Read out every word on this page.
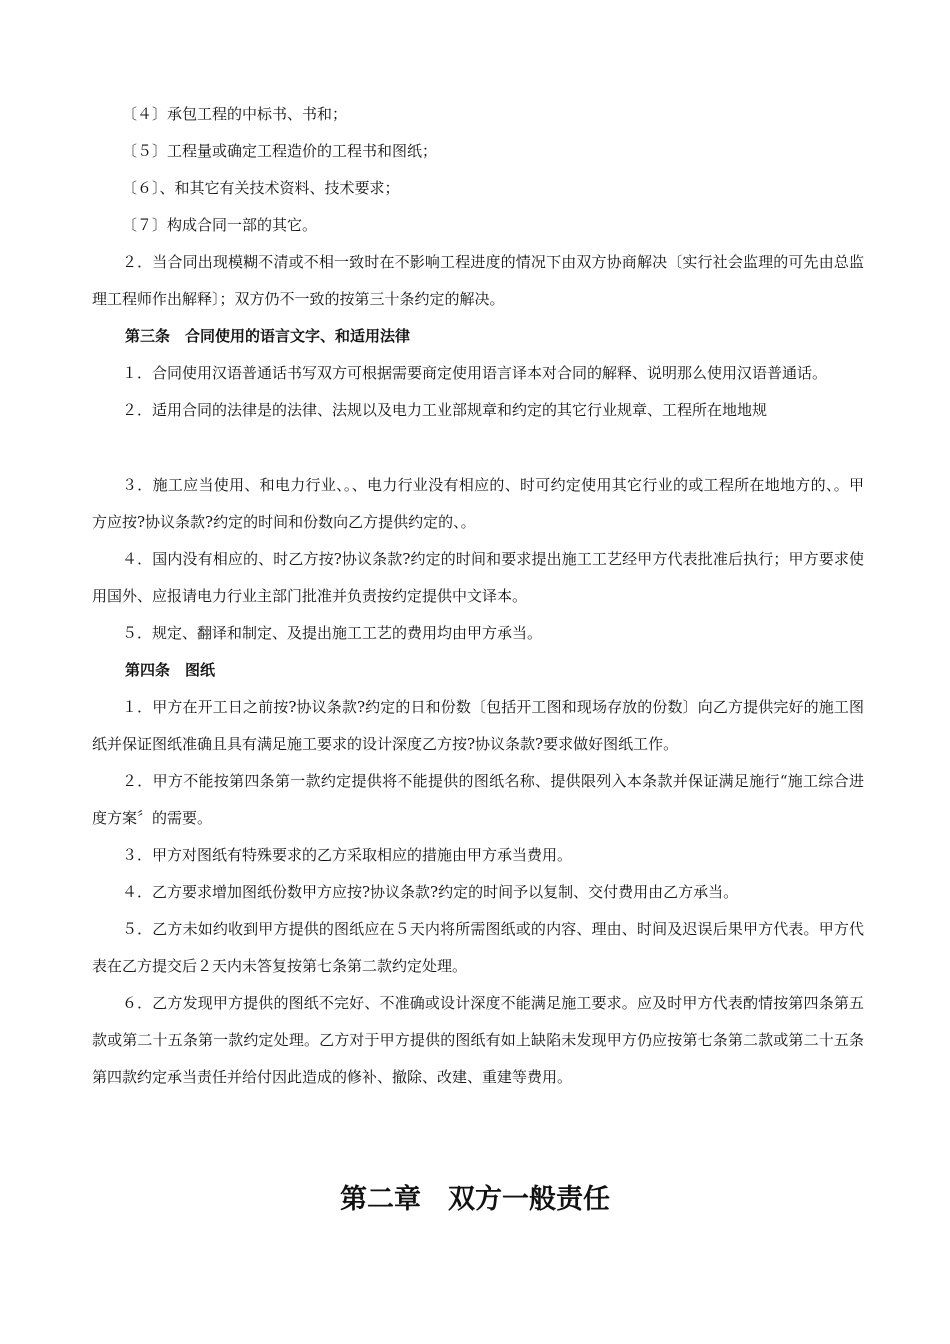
〔４〕承包工程的中标书、书和；

〔５〕工程量或确定工程造价的工程书和图纸；

〔６〕、和其它有关技术资料、技术要求；

〔７〕构成合同一部的其它。

２．当合同出现模糊不清或不相一致时在不影响工程进度的情况下由双方协商解决〔实行社会监理的可先由总监理工程师作出解释〕；双方仍不一致的按第三十条约定的解决。

第三条　合同使用的语言文字、和适用法律

１．合同使用汉语普通话书写双方可根据需要商定使用语言译本对合同的解释、说明那么使用汉语普通话。

２．适用合同的法律是的法律、法规以及电力工业部规章和约定的其它行业规章、工程所在地地规

３．施工应当使用、和电力行业、。、电力行业没有相应的、时可约定使用其它行业的或工程所在地地方的、。甲方应按?协议条款?约定的时间和份数向乙方提供约定的、。

４．国内没有相应的、时乙方按?协议条款?约定的时间和要求提出施工工艺经甲方代表批准后执行；甲方要求使用国外、应报请电力行业主部门批准并负责按约定提供中文译本。

５．规定、翻译和制定、及提出施工工艺的费用均由甲方承当。

第四条　图纸

１．甲方在开工日之前按?协议条款?约定的日和份数〔包括开工图和现场存放的份数〕向乙方提供完好的施工图纸并保证图纸准确且具有满足施工要求的设计深度乙方按?协议条款?要求做好图纸工作。

２．甲方不能按第四条第一款约定提供将不能提供的图纸名称、提供限列入本条款并保证满足施行“施工综合进度方案〞的需要。

３．甲方对图纸有特殊要求的乙方采取相应的措施由甲方承当费用。

４．乙方要求增加图纸份数甲方应按?协议条款?约定的时间予以复制、交付费用由乙方承当。

５．乙方未如约收到甲方提供的图纸应在５天内将所需图纸或的内容、理由、时间及迟误后果甲方代表。甲方代表在乙方提交后２天内未答复按第七条第二款约定处理。

６．乙方发现甲方提供的图纸不完好、不准确或设计深度不能满足施工要求。应及时甲方代表酌情按第四条第五款或第二十五条第一款约定处理。乙方对于甲方提供的图纸有如上缺陷未发现甲方仍应按第七条第二款或第二十五条第四款约定承当责任并给付因此造成的修补、撤除、改建、重建等费用。

第二章　双方一般责任
